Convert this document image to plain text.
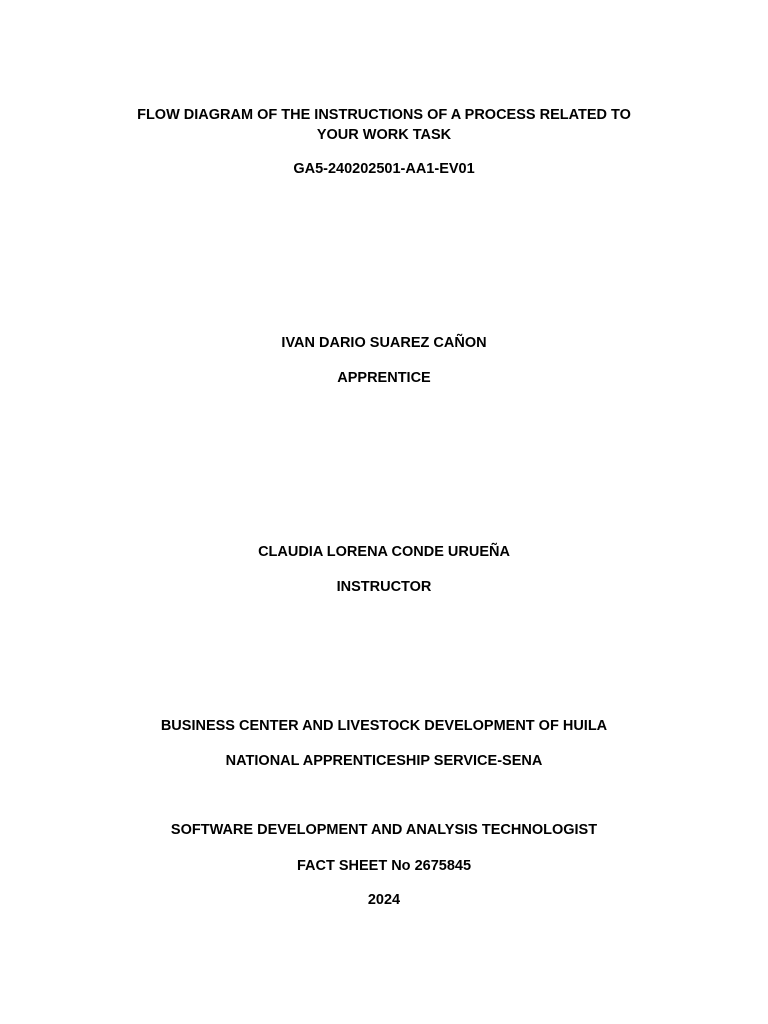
FLOW DIAGRAM OF THE INSTRUCTIONS OF A PROCESS RELATED TO
YOUR WORK TASK

GA5-240202501-AA1-EV01

IVAN DARIO SUAREZ CAÑON

APPRENTICE

CLAUDIA LORENA CONDE URUEÑA

INSTRUCTOR

BUSINESS CENTER AND LIVESTOCK DEVELOPMENT OF HUILA

NATIONAL APPRENTICESHIP SERVICE-SENA

SOFTWARE DEVELOPMENT AND ANALYSIS TECHNOLOGIST

FACT SHEET No 2675845

2024
